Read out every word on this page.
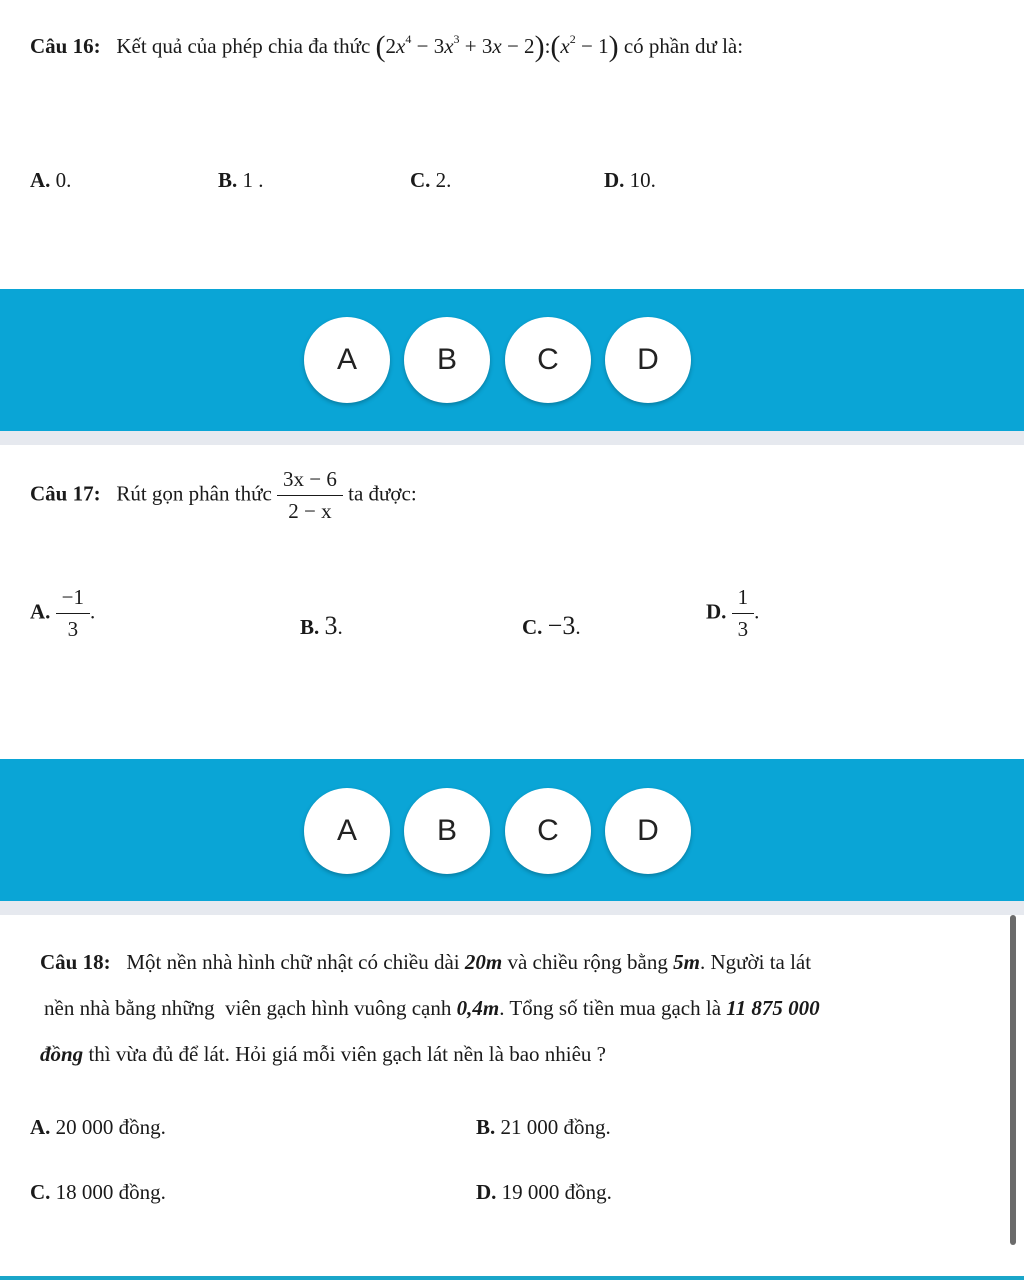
Câu 16: Kết quả của phép chia đa thức ($2x^4 - 3x^3 + 3x$ − $2):(x^2 - 1)$ có phần dư là:
A. 0.	B. 1 .	C. 2.	D. 10.
A	B	C	D
Câu 17: Rút gọn phân thức $\frac{3x - 6}{2 - x}$ ta được:
A. $\frac{-1}{3}$ .
B. 3.	C. −3.
D. $\frac{1}{3}$ .
A	B	C	D
Câu 18: Một nền nhà hình chữ nhật có chiều dài 20m và chiều rộng bằng 5m. Người ta lát
nền nhà bằng những  viên gạch hình vuông cạnh 0,4m. Tổng số tiền mua gạch là 11 875 000
đồng thì vừa đủ để lát. Hỏi giá mỗi viên gạch lát nền là bao nhiêu ?
A. 20 000 đồng.	B. 21 000 đồng.
C. 18 000 đồng.	D. 19 000 đồng.
